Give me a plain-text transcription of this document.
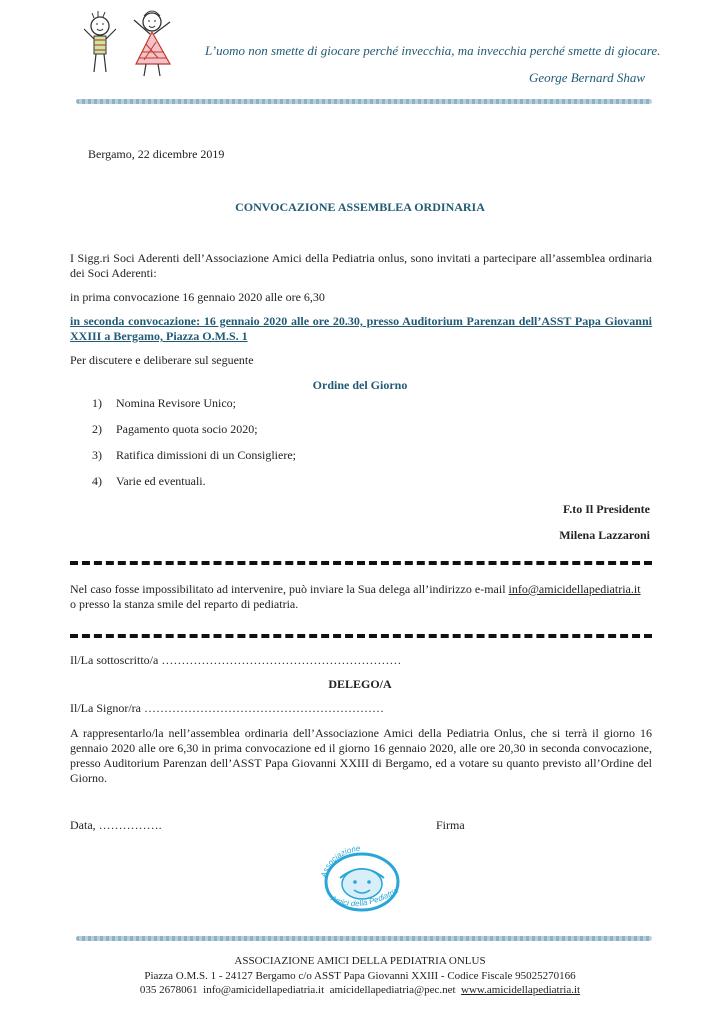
L’uomo non smette di giocare perché invecchia, ma invecchia perché smette di giocare.
George Bernard Shaw
Bergamo, 22 dicembre 2019
CONVOCAZIONE ASSEMBLEA ORDINARIA
I Sigg.ri Soci Aderenti dell’Associazione Amici della Pediatria onlus, sono invitati a partecipare all’assemblea ordinaria dei Soci Aderenti:
in prima convocazione 16 gennaio 2020 alle ore 6,30
in seconda convocazione: 16 gennaio 2020 alle ore 20.30, presso Auditorium Parenzan dell’ASST Papa Giovanni XXIII a Bergamo, Piazza O.M.S. 1
Per discutere e deliberare sul seguente
Ordine del Giorno
1)	Nomina Revisore Unico;
2)	Pagamento quota socio 2020;
3)	Ratifica dimissioni di un Consigliere;
4)	Varie ed eventuali.
F.to Il Presidente
Milena Lazzaroni
Nel caso fosse impossibilitato ad intervenire, può inviare la Sua delega all’indirizzo e-mail info@amicidellapediatria.it
o presso la stanza smile del reparto di pediatria.
Il/La sottoscritto/a ……………………………………………………
DELEGO/A
Il/La Signor/ra ……………………………………………………
A rappresentarlo/la nell’assemblea ordinaria dell’Associazione Amici della Pediatria Onlus, che si terrà il giorno 16 gennaio 2020 alle ore 6,30 in prima convocazione ed il giorno 16 gennaio 2020, alle ore 20,30 in seconda convocazione, presso Auditorium Parenzan dell’ASST Papa Giovanni XXIII di Bergamo, ed a votare su quanto previsto all’Ordine del Giorno.
Data, …………….	Firma
Associazione
Amici della Pediatria
ASSOCIAZIONE AMICI DELLA PEDIATRIA ONLUS
Piazza O.M.S. 1 - 24127 Bergamo c/o ASST Papa Giovanni XXIII - Codice Fiscale 95025270166
035 2678061 info@amicidellapediatria.it amicidellapediatria@pec.net www.amicidellapediatria.it
